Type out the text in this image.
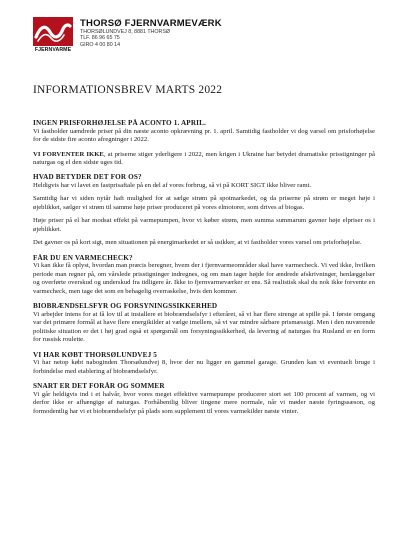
FJERNVARME
THORSØ FJERNVARMEVÆRK
THORSØLUNDVEJ 8, 8881 THORSØ
TLF. 86 96 65 75
GIRO 4 00 80 14
INFORMATIONSBREV MARTS 2022
INGEN PRISFORHØJELSE PÅ ACONTO 1. APRIL.

Vi fastholder uændrede priser på din næste aconto opkrævning pr. 1. april. Samtidig fastholder vi dog varsel om prisforhøjelse for de sidste fire aconto afregninger i 2022.

VI FORVENTER IKKE, at priserne stiger yderligere i 2022, men krigen i Ukraine har betydet dramatiske prisstigninger på naturgas og el den sidste uges tid.

HVAD BETYDER DET FOR OS?

Heldigvis har vi lavet en fastprisaftale på en del af vores forbrug, så vi på KORT SIGT ikke bliver ramt.

Samtidig har vi siden nytår haft mulighed for at sælge strøm på spotmarkedet, og da priserne på strøm er meget høje i øjeblikket, sælger vi strøm til samme høje priser produceret på vores elmotorer, som drives af biogas.

Høje priser på el har modsat effekt på varmepumpen, hvor vi køber strøm, men summa summarum gavner høje elpriser os i øjeblikket.

Det gavner os på kort sigt, men situationen på energimarkedet er så usikker, at vi fastholder vores varsel om prisforhøjelse.

FÅR DU EN VARMECHECK?

Vi kan ikke få oplyst, hvordan man præcis beregner, hvem der i fjernvarmeområder skal have varmecheck. Vi ved ikke, hvilken periode man regner på, om vårslede prisstigninger indregnes, og om man tager højde for ændrede afskrivninger, henlæggelser og overførte overskud og underskud fra tidligere år. Ikke to fjernvarmeværker er ens. Så realistisk skal du nok ikke forvente en varmecheck, men tage det som en behagelig overraskelse, hvis den kommer.

BIOBRÆNDSELSFYR OG FORSYNINGSSIKKERHED

Vi arbejder intens for at få lov til at installere et biobrændselsfyr i efteråret, så vi har flere strenge at spille på. I første omgang var det primære formål at have flere energikilder at vælge imellem, så vi var mindre sårbare prismæssigt. Men i den nuværende politiske situation er det i høj grad også et spørgsmål om forsyningssikkerhed, da levering af naturgas fra Rusland er en form for russisk roulette.

VI HAR KØBT THORSØLUNDVEJ 5

Vi har netop købt naboginden Thorsølundvej 8, hvor der nu ligger en gammel garage. Grunden kan vi eventuelt bruge i forbindelse med etablering af biobrændselsfyr.

SNART ER DET FORÅR OG SOMMER

Vi går heldigvis ind i et halvår, hvor vores meget effektive varmepumpe producerer stort set 100 procent af varmen, og vi derfor ikke er afhængige af naturgas. Forhåbentlig bliver tingene mere normale, når vi møder næste fyringssæson, og formodentlig har vi et biobrændselsfyr på plads som supplement til vores varmekilder næste vinter.
